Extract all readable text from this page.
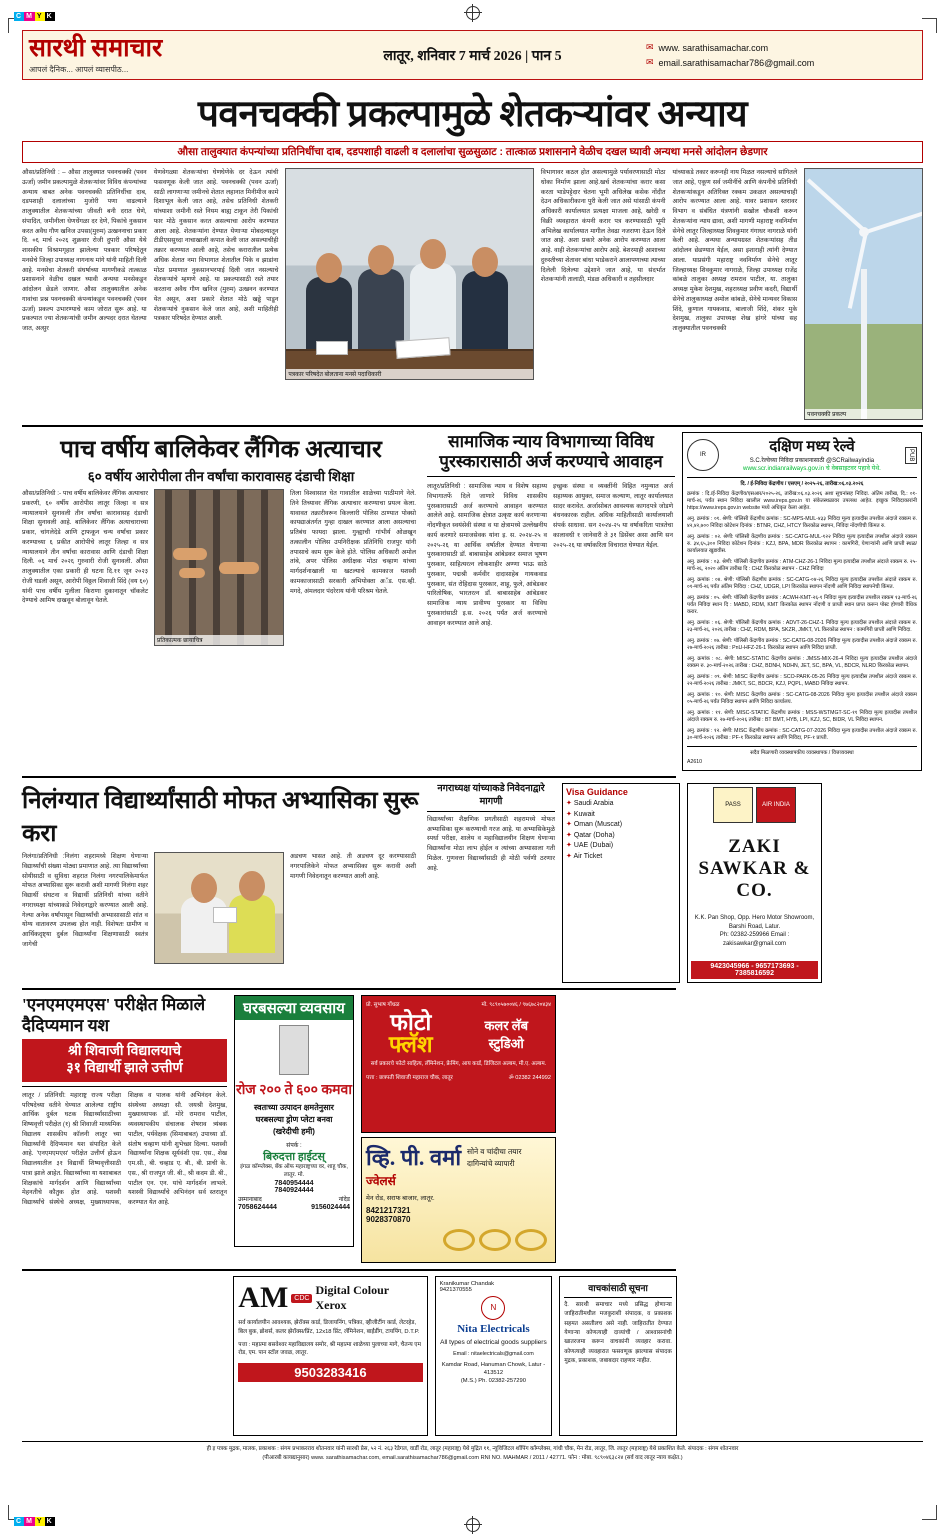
C M Y K
C M Y K
सारथी समाचार
आपलं दैनिक... आपलं व्यासपीठ...
लातूर, शनिवार 7 मार्च 2026 | पान 5
✉ www. sarathisamachar.com
✉ email.sarathisamachar786@gmail.com
पवनचक्की प्रकल्पामुळे शेतकऱ्यांवर अन्याय
औसा तालुक्यात कंपन्यांच्या प्रतिनिधींचा दाब, दडपशाही वाढली व दलालांचा सुळसुळाट : तात्काळ प्रशासनाने वेळीच दखल घ्यावी अन्यथा मनसे आंदोलन छेडणार
औसा/प्रतिनिधी : – औसा तालुक्यात पवनचक्की (पवन ऊर्जा) जमीन प्रकल्पामुळे शेतकऱ्यांवर विविध कंपन्यांच्या अन्याय बाबत अनेक पवनचक्की प्रतिनिधींचा दाब, दडपशाही दलालांच्या मुजोरी पणा वाढल्याने तालुक्यातील शेतकऱ्यांच्या जीवती बनी दरात घेणे, संपादित, जमीनीला धेणधेंगळा दर देणे, पिकांचे नुकसान करत अवैध गौण खनिज उपसा(मुरुम) उत्खननाचा प्रकार दि. ०६ मार्च २०२६ शुक्रवार रोजी दुपारी औसा येथे शासकीय विश्रामगृहात झालेल्या पत्रकार परिषदेतून मनसेचे जिल्हा उपाध्यक्ष नागनाथ मांगे यांनी माहिती दिली आहे. मनसेचा शेतकरी संघर्षाच्या मागणीकडे तात्काळ प्रशासनाने वेळीच दखल घ्यावी अन्यथा मनसेकडून आंदोलन छेडले जाणार. औसा तालुक्यातील अनेक गावांचा प्रश्न पवनचक्की कंपन्यांकडून पवनचक्की (पवन ऊर्जा) प्रकल्प उभारण्याचे काम जोरात सुरू आहे. या प्रकल्पात ज्या शेतकऱ्यांची जमीन अल्पदर दरात घेतल्या जात, अत्सुर
येणवेगळ्या शेतकऱ्यांचा घेणघेणेके दर देऊन त्यांची फसवणूक केली जात आहे. पवनचक्की (पवन ऊर्जा) साठी लागणाऱ्या जमीनचे शेतात लहानात मिनीमीज कामे दिशाभूल केली जात आहे, तसेच प्रतिनिधी शेतकरी यांच्याशा जमीनी रस्ते नियम बाह्य टाकून तेरी पिकांची फार मोठे नुकसान करत असल्याचा आरोप करण्यात आला आहे. शेतकऱ्यांना देण्यात येणाऱ्या मोबदल्यातून टीडीएससुध्दा नाचाखाली कपात केली जात असल्याचीही तक्रार करण्यात आली आहे, तसेच करारातील प्रत्येक अधिक शेतात नमा विभागात शेतातील पिके व झाडांना मोठा प्रमाणात नुकसानभरपाई दिली जात नसल्याचे शेतकऱ्यांचे म्हणणे आहे. या प्रकल्पासाठी रस्ते तयार करताना अवैध गौण खनिज (मुरुम) उत्खनन करण्यात येत असून, अशा प्रकारे शेतात मोठे खड्डे पाडून शेतकऱ्यांचे नुकसान केले जात आहे, अशी माहितीही पत्रकार परिषदेत देण्यात आली.
पत्रकार परिषदेत बोलताना मनसे पदाधिकारी
विभागावर कठल होत असल्यामुळे पर्यावरणासाठी मोठा धोका निर्माण झाला आहे.खर्च शेतकऱ्यांचा करार कसा करता भाडेपट्टेदार चेतना भूमी अधिलेख कसेक नोंदीत देउन अधिकारीकाना पुरी केली जात असे यांसाठी कंपनी अधिकारी कार्यालयात प्रत्यक्षा माजला आहे, खरेदी व विक्री व्यवहारात कंपनी करार पत्र करण्यासाठी भूमी अभिलेख कार्यालयात मागील तेवढा नजराणा देऊन दिले जात आहे. अशा प्रकारे अनेक आरोप करण्यात आला आहे. वाही शेतकऱ्यांचा आरोप आहे. बेशरमाही आशाच्या दुरुस्तीच्या शेतावर बांधा भाडेकराने आलापणाच्या त्याच्या दिलेली दिलेल्या उद्देशाने जात आहे, या संदर्भात शेतकऱ्यांनी तालाठी, मंडळ अधिकारी व तहसीलदार
यांच्याकडे तकार करूनही नाय मिळत नसल्याचे सांगितले जात आहे, एकूण सर्व जमीनींचे आणि कंपनीचे प्रतिनिधी शेतकऱ्यांकडून अतिरिक्त रक्कम उकळत असल्याचाही आरोप करण्यात आला आहे. यावर प्रशासन स्तरावर विभाग व संबंधित यंत्रणांनी सखोल चौकशी करून शेतकऱ्यांना न्याय द्यावा, अशी मागणी महाराष्ट्र नवनिर्माण सेनेचे लातूर जिल्हाध्यक्ष शिवकुमार गंगाधर नागराळे यांनी केली आहे. अन्यथा अन्यायग्रस्त शेतकऱ्यांसह तीव्र आंदोलन छेडण्यात येईल, असा इशाराही त्यांनी देण्यात आला. याप्रसंगी महाराष्ट्र नवनिर्माण सेनेचे लातूर जिल्हाध्यक्ष शिवकुमार नागराळे, जिल्हा उपाध्यक्ष राजेंद्र कांबळे तालुका अध्यक्ष रामराव पाटील, या. तालुका अध्यक्ष मुकेश देशमुख, शहराध्यक्ष प्रवीण कदरी, विद्यार्थी सेनेचे तालुकाध्यक्ष अमोल कांबळे, सेनेचे मान्यवर विकास शिंदे, कुणाल गायकवाड, बालाजी शिंदे, शंकर मुके देशमुख, तालुका उपाध्यक्ष शेख हांगरे यांच्या सह तालुक्यातील पवनचक्की
पवनचक्की प्रकल्प
पाच वर्षीय बालिकेवर लैंगिक अत्याचार
६० वर्षीय आरोपीला तीन वर्षांचा कारावासह दंडाची शिक्षा
औसा/प्रतिनिधी :- पाच वर्षीय बालिकेवर लैंगिक अत्याचार प्रकरणी, ६० वर्षीय आरोपीस लातूर जिल्हा व सत्र न्यायालयाने सुनावली तीन वर्षांचा कारावासह दंडाची शिक्षा सुनावली आहे. बालिकेवर लैंगिक अत्याचाराच्या प्रकार, चांगलेदेडे आणि ट्राफकून चन्य वर्षांचा प्रकार करण्याच्या ६ प्रकीत आरोपीचे लातूर जिल्हा व सत्र न्यायालयाने तीन वर्षांचा कारावास आणि दंडाची शिक्षा दिली. ०६ मार्च २०२६ गुरुवारी रोजी सुनावली. औसा तालुक्यातील एका प्रकारी ही घटना दि.११ जून २०२३ रोजी घडली असून, आरोपी विठ्ठल शिवाजी सिंदे (वय ६०) यांनी पाच वर्षीय मुलीला किराणा दुकानातून चॉकलेट देण्याचे आमिष दाखवून बोलावून घेतले.
प्रतिकात्मक छायाचित्र
तिला विश्वासात घेत गावातील शाळेच्या पाठीमागे नेले. तिने तिच्यावर लैंगिक अत्याचार करण्याचा प्रयत्न केला. यावावत तक्रारीवरून किल्लारी पोलिस ठाण्यात पोक्सो कायद्याअंतर्गत गुन्हा दाखल करण्यात आला असल्याचा प्रतिबंध फायदा झाला. गुन्ह्याची गांभीर्य ओळखून तत्कालीन पोलिस उपनिरीक्षक प्रतिनिधि राजपुर यांनी तपासाचे काम सुरू केले होते. पोलिस अधिकारी अमोल तांबे, अपर पोलिस अधीक्षक मोठा चव्हाण यांच्या मार्गदर्शनाखाली या खटल्याचे कामकाज यशस्वी कामकाजासाठी सरकारी अभियोक्ता अॅड. एस.व्ही. मगदे, अंमलदार पंदरेराय यांनी परिश्रम घेतले.
सामाजिक न्याय विभागाच्या विविध पुरस्कारासाठी अर्ज करण्याचे आवाहन
लातूर/प्रतिनिधी : सामाजिक न्याय व विशेष सहाय्य विभागातर्फे दिले जाणारे विविध शासकीय पुरस्कारासाठी अर्ज करण्याचे आवाहन करण्यात आलेले आहे. सामाजिक क्षेत्रात उत्कृष्ट कार्य करणाऱ्या नोंदणीकृत स्वयंसेवी संस्था व या क्षेत्रामध्ये उल्लेखनीय कार्य करणारे समाजसेवक यांना इ. स. २०२४-२५ व २०२५-२६ या आर्थिक वर्षातील देण्यात येणाऱ्या पुरस्कारासाठी डॉ. बाबासाहेब आंबेडकर समाज भूषण पुरस्कार, साहित्यरत्न लोकशाहीर अण्णा भाऊ साठे पुरस्कार, पद्मश्री कर्मवीर दादासाहेब गायकवाड पुरस्कार, संत रोहिदास पुरस्कार, शाहू, फुले, आंबेडकर पारितोषिक, भारतरत्न डॉ. बाबासाहेब आंबेडकर सामाजिक न्याय प्रावीण्य पुरस्कार या विविध पुरस्कारांसाठी इ.स. २०२६ पर्यंत अर्ज करण्याचे आवाहन करण्यात आले आहे.
इच्छुक संस्था व व्यक्तींनी विहित नमुन्यात अर्ज सहाय्यक आयुक्त, समाज कल्याण, लातूर कार्यालयात सादर करावेत. अर्जासोबत आवश्यक कागदपत्रे जोडणे बंधनकारक राहील. अधिक माहितीसाठी कार्यालयाशी संपर्क साधावा. सन २०२४-२५ या वर्षाकरिता पात्रतेचा कालावधी १ जानेवारी ते ३१ डिसेंबर असा आणि सन २०२५-२६ या वर्षाकरिता विचारात घेण्यात येईल.
IR
दक्षिण मध्य रेल्वे
S.C.रेल्वेच्या निविदा प्रकाशनासाठी @SCRailwayindia
www.scr.indianrailways.gov.in चे वेबसाइटवर पहावे येथे.
PUB
दि. / ई-निविदा केंद्रणीय / एसएम् / २०२५-२६, तारीख:०६.०३.२०२६

क्रमांक : दि./ई-निविदा केंद्रणीय/एसआर/२०२५-२६, तारीख:०६.०३.२०२६ अशा सूचनांसह निविदा. अंतिम तारीख, दि.: ०१-मार्च-२६ पर्यंत स्थान निविदा खालील www.ireps.gov.in या संकेतस्थळावर उपलब्ध आहेत. इच्छुक निविदाकारांनी https://www.ireps.gov.in website मध्ये अधिकृत केला आहेत.

अनु. क्रमांक : ०१. श्रेणी: पॉलिसी केंद्रणीय क्रमांक : SC-MPS-MUL-४३३ निविदा मूल्य इत्यादीस तपशील अंदाजे रक्कम रु. ४२,४२,७०० निविदा कोटेशन दिनांक : BTNR, CHZ, HTCY किरकोळ स्थापन, निविदा नोंदणीची किंमत रु.

अनु. क्रमांक : ०२. श्रेणी: पॉलिसी केंद्रणीय क्रमांक : SC-CATG-MUL-१२२ निविदा मूल्य इत्यादीस तपशील अंदाजे रक्कम रु. ३४,६५,३०० निविदा कोटेशन दिनांक : KZJ, BPA, MDR किरकोळ स्थापन : कामगिरी, येणाऱ्यांनी आणि प्राप्ती स्थळ/कार्यालयात खुडावीस.

अनु. क्रमांक : ०३. श्रेणी: पॉलिसी केंद्रणीय क्रमांक : ATM-CHZ-26-1 निविदा मूल्य इत्यादीस तपशील अंदाजे रक्कम रु. २५-मार्च-२६, २०२० अंतिम तारीख दि : CHZ किरकोळ स्थापन - CHZ निविदा

अनु. क्रमांक : ०४. श्रेणी: पॉलिसी केंद्रणीय क्रमांक : SC-CATG-०४-२६ निविदा मूल्य इत्यादीस तपशील अंदाजे रक्कम रु. ०१-मार्च-२६ पर्यंत अंतिम निविदा : CHZ, UDGR, LPI किरकोळ स्थापन नोंदणी आणि निविदा स्थापनेची किंमत.

अनु. क्रमांक : ०५. श्रेणी: पॉलिसी केंद्रणीय क्रमांक : ACWH-KMT-२६-१ निविदा मूल्य इत्यादीस तपशील रक्कम १३-मार्च-२६ पर्यंत निविदा स्थान दि : MABD, RDM, KMT किरकोळ स्थापन नोंदणी व प्राप्ती स्थान प्राप्त करून पोस्ट होणारी वैधिक करार.

अनु. क्रमांक : ०६. श्रेणी: पॉलिसी केंद्रणीय क्रमांक : ADVT-26-CHZ-1 निविदा मूल्य इत्यादीस तपशील अंदाजे रक्कम रु. २३-मार्च-२६, २०२६ तारीख : CHZ, RDM, BPA, SKZR, JMKT, VL किरकोळ स्थापन : कामगिरी प्राप्ती आणि निविदा.

अनु. क्रमांक : ०७. श्रेणी: पॉलिसी केंद्रणीय क्रमांक : SC-CATG-08-2026 निविदा मूल्य इत्यादीस तपशील अंदाजे रक्कम रु. २७-मार्च-२०२६ तारीख : PnU-HFZ-26-1 किरकोळ स्थापन आणि निविदा प्राप्ती.

अनु. क्रमांक : ०८. श्रेणी: MISC-STATIC केंद्रणीय क्रमांक : JMSS-MIX-26-4 निविदा मूल्य इत्यादीस तपशील अंदाजे रक्कम रु. ३०-मार्च-२०२६ तारीख : CHZ, BDNH, NDHN, JET, SC, BPA, VL, BDCR, NLRD किरकोळ स्थापन.

अनु. क्रमांक : ०९. श्रेणी: MISC केंद्रणीय क्रमांक : SCO-PARK-05-26 निविदा मूल्य इत्यादीस तपशील अंदाजे रक्कम रु. २२-मार्च-२०२६ तारीख : JMKT, SC, BDCR, KZJ, PQPL, MABD निविदा स्थापन.

अनु. क्रमांक : १०. श्रेणी: MISC केंद्रणीय क्रमांक : SC-CATG-08-2026 निविदा मूल्य इत्यादीस तपशील अंदाजे रक्कम ०५-मार्च-२६ पर्यंत निविदा स्थापन आणि निविदा कार्यालय.

अनु. क्रमांक : ११. श्रेणी: MISC-STATIC केंद्रणीय क्रमांक : MSS-WSTMGT-SC-११ निविदा मूल्य इत्यादीस तपशील अंदाजे रक्कम रु. २७-मार्च-२०२६ तारीख : BT BMT, HYB, LPI, KZJ, SC, BIDR, VL निविदा स्थापन.

अनु. क्रमांक : १२. श्रेणी: MISC केंद्रणीय क्रमांक : SC-CATG-07-2026 निविदा मूल्य इत्यादीस तपशील अंदाजे रक्कम रु. ३०-मार्च-२०२६ तारीख : PF-१ किरकोळ स्थापन आणि निविदा, PF-१ प्राप्ती.

सदैव मिळणारी व्यवस्थापकीय व्यवस्थापक / वित्तव्यवस्था
A2610
निलंग्यात विद्यार्थ्यांसाठी मोफत अभ्यासिका सुरू करा
निलंगा/प्रतिनिधी :निलंगा शहरामध्ये शिक्षण घेणाऱ्या विद्यार्थ्यांची संख्या मोठ्या प्रमाणात आहे. त्या विद्यार्थ्यांच्या सोयीसाठी व सुविधा शहरात निलंगा नगरपालिकेमार्फत मोफत अभ्यासिका सुरू करावी अशी मागणी निलंगा शहर विद्यार्थी संघटना व विद्यार्थी प्रतिनिधी यांच्या वतीने नगराध्यक्षा यांच्याकडे निवेदनाद्वारे करण्यात आली आहे. गेल्या अनेक वर्षांपासून विद्यार्थ्यांची अभ्यासासाठी शांत व योग्य वातावरण उपलब्ध होत नाही. विशेषतः ग्रामीण व आर्थिकदृष्ट्या दुर्बल विद्यार्थ्यांना शिक्षणासाठी स्वतंत्र जागेची
अडचण भासत आहे. ती अडचण दूर करण्यासाठी नगरपालिकेने मोफत अभ्यासिका सुरू करावी अशी मागणी निवेदनातून करण्यात आली आहे.
नगराध्यक्ष यांच्याकडे निवेदनाद्वारे मागणी
विद्यार्थ्यांच्या शैक्षणिक प्रगतीसाठी शहरामध्ये मोफत अभ्यासिका सुरू करण्याची गरज आहे. या अभ्यासिकेमुळे स्पर्धा परीक्षा, शालेय व महाविद्यालयीन शिक्षण घेणाऱ्या विद्यार्थ्यांना मोठा लाभ होईल व त्यांच्या अभ्यासाला गती मिळेल. गुणवत्ता विद्यार्थ्यांसाठी ही मोठी पर्वणी ठरणार आहे.
Visa Guidance
✦ Saudi Arabia
✦ Kuwait
✦ Oman (Muscat)
✦ Qatar (Doha)
✦ UAE (Dubai)
✦ Air Ticket
PASS	AIR INDIA
ZAKI SAWKAR & CO.
K.K. Pan Shop, Opp. Hero Motor Showroom, Barshi Road, Latur.
Ph: 02382-259966 Email : zakisawkar@gmail.com
9423045966 - 9657173693 - 7385816592
'एनएमएमएस' परीक्षेत मिळाले दैदिप्यमान यश
श्री शिवाजी विद्यालयाचे
३१ विद्यार्थी झाले उत्तीर्ण
लातूर / प्रतिनिधी: महाराष्ट्र राज्य परीक्षा परिषदेच्या वतीने घेण्यात आलेल्या राष्ट्रीय आर्थिक दुर्बल घटक विद्यार्थ्यांसाठीच्या शिष्यवृत्ती परीक्षेत (१) श्री शिवाजी माध्यमिक विद्यालय शासकीय कॉलनी लातूर च्या विद्यार्थ्यांनी दैदिप्यमान यश संपादित केले आहे. 'एनएमएमएस' परीक्षेत उत्तीर्ण होऊन विद्यालयातील ३१ विद्यार्थी शिष्यवृत्तीसाठी पात्रा झाले आहेत. विद्यार्थ्यांच्या या यशाबाबत शिक्षकांचे मार्गदर्शन आणि विद्यार्थ्यांच्या मेहनतीचे कौतुक होत आहे. यशस्वी विद्यार्थ्यांचे संस्थेचे अध्यक्ष, मुख्याध्यापक, शिक्षक व पालक यांनी अभिनंदन केले. संस्थेच्या अध्यक्षा सौ. जयश्री देशमुख, मुख्याध्यापक डॉ. मोरे रामराव पाटील, व्यवस्थापकीय संचालक शेषराव त्र्यंबक पाटील, पर्यवेक्षक (सिमाबाबत) उपाध्या डॉ. संतोष चव्हाण यांनी शुभेच्छा दिल्या. यशस्वी विद्यार्थ्यांना शिक्षक सूर्यवंशी एस. एस., शेख एम.सी., बी. चव्हाड ए. बी., बी. प्राची के. एस., श्री राजपुत जी. बी., श्री कदम डी. बी., पाटील एन. एन. यांचे मार्गदर्शन लाभले. यशस्वी विद्यार्थ्यांचे अभिनंदन सर्व स्तरातून करण्यात येत आहे.
घरबसल्या व्यवसाय
रोज २०० ते ६०० कमवा
स्वतःच्या उत्पादन क्षमतेनुसार
घरबसल्या ड्रोण प्लेटा बनवा
(खरेदीची हमी)
संपर्क :
बिरुदत्ता हाईटस्
इंगळ कॉम्प्लेक्स, बँक ऑफ महाराष्ट्रच्या वर, शाहू चौक, लातूर. मो.
7840954444
7840924444
उस्मानाबाद	नांदेड
7058624444	9156024444
प्रो. सुभाष गोंधळ	मो. ९८९०५७००४६ / ९७६७८२०४३४
फोटो
फ्लॅश
कलर लॅब
स्टुडिओ
सर्व प्रकारचे फोटो साहित्य, लॅमिनेशन, फ्रेमिंग, आय कार्ड, डिजिटल अल्बम, मी.ए. अल्बम.
पत्ता : छत्रपती शिवाजी महाराज चौक, लातूर	ॐ 02382 244992
व्हि. पी. वर्मा
ज्वेलर्स
सोने व चांदीचा तयार
दागिन्यांचे व्यापारी
मेन रोड, सराफ बाजार, लातूर.
8421217321
9028370870
AM CDC
Digital Colour Xerox
सर्व कार्यालयीन आवश्यक, झेरॉक्स कार्ड, डिजायनिंग, पत्रिका, व्हीजीटींग कार्ड, लेटरहेड, बिल बुक, ब्रोशर्स, कलर झेरॉक्स/प्रिंट, 12x18 प्रिंट, लॅमिनेशन, बाईंडींग, टायपिंग, D.T.P.
पत्ता : महात्मा बसवेश्वर महाविद्यालय समोर, श्री महात्मा शाळेच्या पुलाच्या मागे, चैतन्य एम रोड, एम. पान स्टॉल जवळ, लातूर.
9503283416
Kranikumar Chandak
9421370555
N
Nita Electricals
All types of electrical goods suppliers
Email : nitaelectricals@gmail.com
Kamdar Road, Hanuman Chowk, Latur - 413512
(M.S.) Ph. 02382-257290
वाचकांसाठी सूचना
दै. सारथी समाचार मध्ये प्रसिद्ध होणाऱ्या जाहिरातीमधील मजकुराशी संपादक, व प्रकाशक सहमत असतीलच असे नाही. जाहिरातीत देण्यात येणाऱ्या कोणत्याही दाव्यांची / आश्वासनांची खातरजमा करून वाचकांनी व्यवहार करावा. कोणत्याही व्यवहारात फसवणूक झाल्यास संपादक मुद्रक, प्रकाशक, जबाबदार राहणार नाहीत.
ही इ पत्रक मुद्रक, मालक, प्रकाशक : संगम प्रभाकरराव शोतनवार यांनी सारथी प्रेस, ५२ नं. २६३ रेडेगल, वार्डी रोड, लातूर (महाराष्ट्र) येथे मुद्रित ११, न्यूविजिटल शॉपिंग कॉम्प्लेक्स, गांधी चौक, मेन रोड, लातूर, जि. लातूर (महाराष्ट्र) येथे प्रकाशित केले. संपादक : संगम शोतनवार
(पीआरबी कायद्यानुसार) www. sarathisamachar.com, email.sarathisamachar786@gmail.com RNI NO. MAHMAR / 2011 / 42771. फोन : मोबा. ९८९०४६३८२४ (सर्व वाद लातूर न्याय कक्षेत.)
